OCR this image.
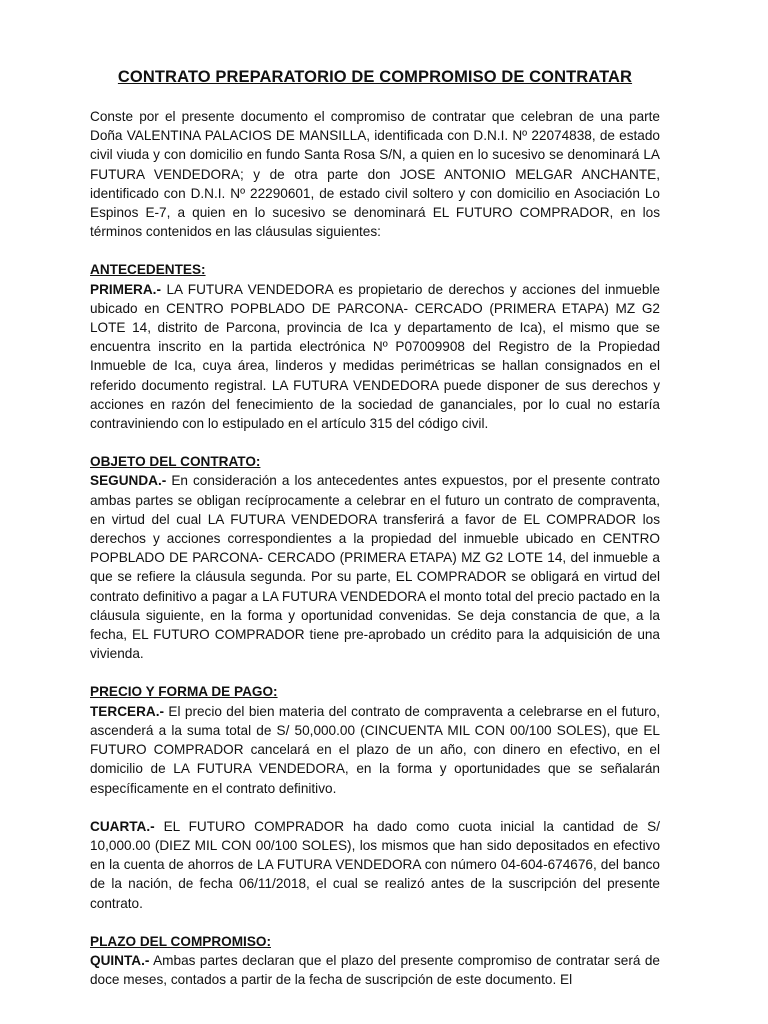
CONTRATO PREPARATORIO DE COMPROMISO DE CONTRATAR

Conste por el presente documento el compromiso de contratar que celebran de una parte Doña VALENTINA PALACIOS DE MANSILLA, identificada con D.N.I. Nº 22074838, de estado civil viuda y con domicilio en fundo Santa Rosa S/N, a quien en lo sucesivo se denominará LA FUTURA VENDEDORA; y de otra parte don JOSE ANTONIO MELGAR ANCHANTE, identificado con D.N.I. Nº 22290601, de estado civil soltero y con domicilio en Asociación Lo Espinos E-7, a quien en lo sucesivo se denominará EL FUTURO COMPRADOR, en los términos contenidos en las cláusulas siguientes:

ANTECEDENTES:

PRIMERA.- LA FUTURA VENDEDORA es propietario de derechos y acciones del inmueble ubicado en CENTRO POPBLADO DE PARCONA- CERCADO (PRIMERA ETAPA) MZ G2 LOTE 14, distrito de Parcona, provincia de Ica y departamento de Ica), el mismo que se encuentra inscrito en la partida electrónica Nº P07009908 del Registro de la Propiedad Inmueble de Ica, cuya área, linderos y medidas perimétricas se hallan consignados en el referido documento registral. LA FUTURA VENDEDORA puede disponer de sus derechos y acciones en razón del fenecimiento de la sociedad de gananciales, por lo cual no estaría contraviniendo con lo estipulado en el artículo 315 del código civil.

OBJETO DEL CONTRATO:

SEGUNDA.- En consideración a los antecedentes antes expuestos, por el presente contrato ambas partes se obligan recíprocamente a celebrar en el futuro un contrato de compraventa, en virtud del cual LA FUTURA VENDEDORA transferirá a favor de EL COMPRADOR los derechos y acciones correspondientes a la propiedad del inmueble ubicado en CENTRO POPBLADO DE PARCONA- CERCADO (PRIMERA ETAPA) MZ G2 LOTE 14, del inmueble a que se refiere la cláusula segunda. Por su parte, EL COMPRADOR se obligará en virtud del contrato definitivo a pagar a LA FUTURA VENDEDORA el monto total del precio pactado en la cláusula siguiente, en la forma y oportunidad convenidas. Se deja constancia de que, a la fecha, EL FUTURO COMPRADOR tiene pre-aprobado un crédito para la adquisición de una vivienda.

PRECIO Y FORMA DE PAGO:

TERCERA.- El precio del bien materia del contrato de compraventa a celebrarse en el futuro, ascenderá a la suma total de S/ 50,000.00 (CINCUENTA MIL CON 00/100 SOLES), que EL FUTURO COMPRADOR cancelará en el plazo de un año, con dinero en efectivo, en el domicilio de LA FUTURA VENDEDORA, en la forma y oportunidades que se señalarán específicamente en el contrato definitivo.

CUARTA.- EL FUTURO COMPRADOR ha dado como cuota inicial la cantidad de S/ 10,000.00 (DIEZ MIL CON 00/100 SOLES), los mismos que han sido depositados en efectivo en la cuenta de ahorros de LA FUTURA VENDEDORA con número 04-604-674676, del banco de la nación, de fecha 06/11/2018, el cual se realizó antes de la suscripción del presente contrato.

PLAZO DEL COMPROMISO:

QUINTA.- Ambas partes declaran que el plazo del presente compromiso de contratar será de doce meses, contados a partir de la fecha de suscripción de este documento. El
